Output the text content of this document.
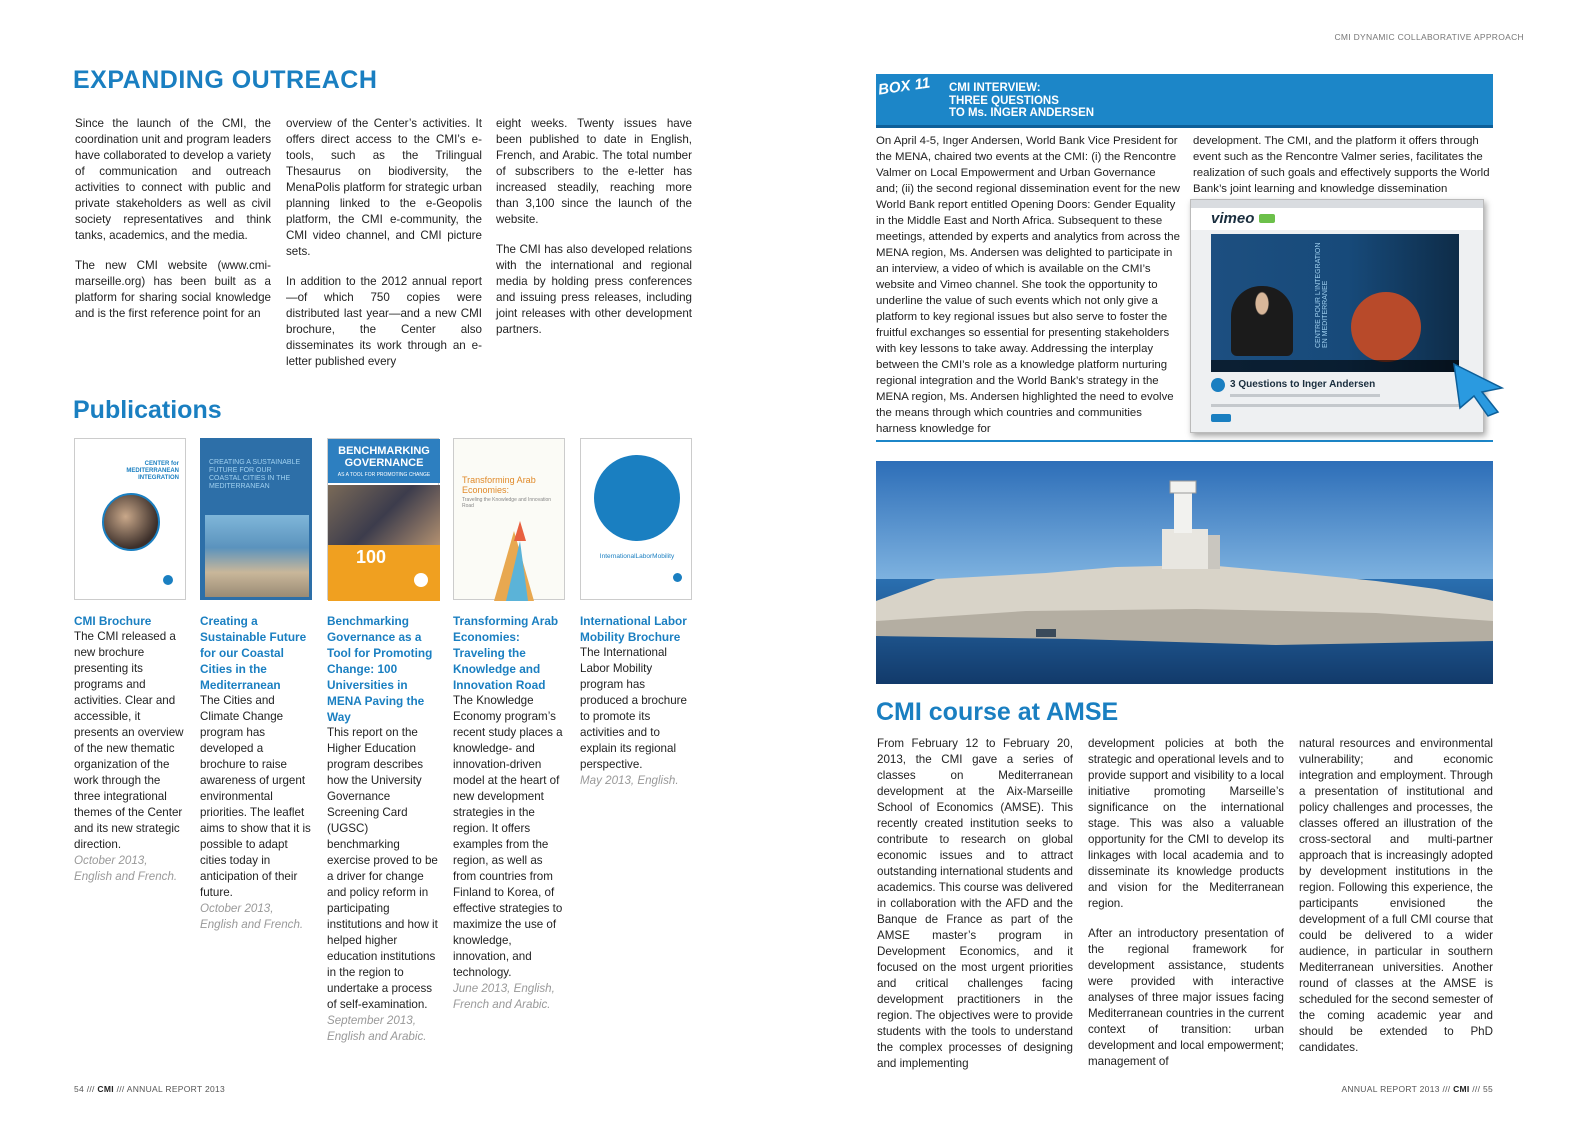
CMI DYNAMIC COLLABORATIVE APPROACH
EXPANDING OUTREACH

Since the launch of the CMI, the coordination unit and program leaders have collaborated to develop a variety of communication and outreach activities to connect with public and private stakeholders as well as civil society representatives and think tanks, academics, and the media.

The new CMI website (www.cmi-marseille.org) has been built as a platform for sharing social knowledge and is the first reference point for an

overview of the Center’s activities. It offers direct access to the CMI’s e-tools, such as the Trilingual Thesaurus on biodiversity, the MenaPolis platform for strategic urban planning linked to the e-Geopolis platform, the CMI e-community, the CMI video channel, and CMI picture sets.

In addition to the 2012 annual report—of which 750 copies were distributed last year—and a new CMI brochure, the Center also disseminates its work through an e-letter published every

eight weeks. Twenty issues have been published to date in English, French, and Arabic. The total number of subscribers to the e-letter has increased steadily, reaching more than 3,100 since the launch of the website.

The CMI has also developed relations with the international and regional media by holding press conferences and issuing press releases, including joint releases with other development partners.

Publications
CENTER for MEDITERRANEAN INTEGRATION
CMI Brochure
The CMI released a new brochure presenting its programs and activities. Clear and accessible, it presents an overview of the new thematic organization of the work through the three integrational themes of the Center and its new strategic direction.
October 2013, English and French.
CREATING A SUSTAINABLE FUTURE FOR OUR COASTAL CITIES IN THE MEDITERRANEAN
Creating a Sustainable Future for our Coastal Cities in the Mediterranean
The Cities and Climate Change program has developed a brochure to raise awareness of urgent environmental priorities. The leaflet aims to show that it is possible to adapt cities today in anticipation of their future.
October 2013, English and French.
BENCHMARKING GOVERNANCE
AS A TOOL FOR PROMOTING CHANGE
100
Benchmarking Governance as a Tool for Promoting Change: 100 Universities in MENA Paving the Way
This report on the Higher Education program describes how the University Governance Screening Card (UGSC) benchmarking exercise proved to be a driver for change and policy reform in participating institutions and how it helped higher education institutions in the region to undertake a process of self-examination.
September 2013, English and Arabic.
Transforming Arab Economies:
Traveling the Knowledge and Innovation Road
Transforming Arab Economies: Traveling the Knowledge and Innovation Road
The Knowledge Economy program’s recent study places a knowledge- and innovation-driven model at the heart of new development strategies in the region. It offers examples from the region, as well as from countries from Finland to Korea, of effective strategies to maximize the use of knowledge, innovation, and technology.
June 2013, English, French and Arabic.
InternationalLaborMobility
International Labor Mobility Brochure
The International Labor Mobility program has produced a brochure to promote its activities and to explain its regional perspective.
May 2013, English.
54 /// CMI /// ANNUAL REPORT 2013
BOX 11 CMI INTERVIEW:
THREE QUESTIONS
TO Ms. INGER ANDERSEN
On April 4-5, Inger Andersen, World Bank Vice President for the MENA, chaired two events at the CMI: (i) the Rencontre Valmer on Local Empowerment and Urban Governance and; (ii) the second regional dissemination event for the new World Bank report entitled Opening Doors: Gender Equality in the Middle East and North Africa. Subsequent to these meetings, attended by experts and analytics from across the MENA region, Ms. Andersen was delighted to participate in an interview, a video of which is available on the CMI’s website and Vimeo channel. She took the opportunity to underline the value of such events which not only give a platform to key regional issues but also serve to foster the fruitful exchanges so essential for presenting stakeholders with key lessons to take away. Addressing the interplay between the CMI’s role as a knowledge platform nurturing regional integration and the World Bank’s strategy in the MENA region, Ms. Andersen highlighted the need to evolve the means through which countries and communities harness knowledge for
development. The CMI, and the platform it offers through event such as the Rencontre Valmer series, facilitates the realization of such goals and effectively supports the World Bank’s joint learning and knowledge dissemination
vimeo
CENTRE POUR L'INTEGRATION EN MEDITERRANEE
3 Questions to Inger Andersen
CMI course at AMSE

From February 12 to February 20, 2013, the CMI gave a series of classes on Mediterranean development at the Aix-Marseille School of Economics (AMSE). This recently created institution seeks to contribute to research on global economic issues and to attract outstanding international students and academics. This course was delivered in collaboration with the AFD and the Banque de France as part of the AMSE master’s program in Development Economics, and it focused on the most urgent priorities and critical challenges facing development practitioners in the region. The objectives were to provide students with the tools to understand the complex processes of designing and implementing

development policies at both the strategic and operational levels and to provide support and visibility to a local initiative promoting Marseille’s significance on the international stage. This was also a valuable opportunity for the CMI to develop its linkages with local academia and to disseminate its knowledge products and vision for the Mediterranean region.

After an introductory presentation of the regional framework for development assistance, students were provided with interactive analyses of three major issues facing Mediterranean countries in the current context of transition: urban development and local empowerment; management of

natural resources and environmental vulnerability; and economic integration and employment. Through a presentation of institutional and policy challenges and processes, the classes offered an illustration of the cross-sectoral and multi-partner approach that is increasingly adopted by development institutions in the region. Following this experience, the participants envisioned the development of a full CMI course that could be delivered to a wider audience, in particular in southern Mediterranean universities. Another round of classes at the AMSE is scheduled for the second semester of the coming academic year and should be extended to PhD candidates.

ANNUAL REPORT 2013 /// CMI /// 55
